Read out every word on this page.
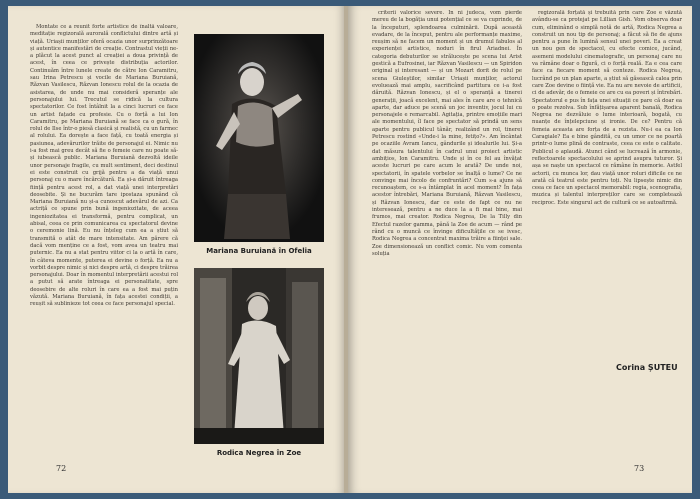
Montate ce a reunit forte artistice de înaltă valoare, meditație regizorală aurorală conflictului dintre artă și viață. Uriașii munților oferă ocazia unor surprinzătoare și autentice manifestări de creație. Contrastul vieții ne-a plăcut la acest punct al creației a doua privință de acest, în ceea ce privește distribuția actorilor. Continuăm între lunele create de către Ion Caramitru, sau Irina Petrescu și vocile de Mariana Buruiană, Răzvan Vasilescu, Răzvan Ionescu rolul de la ocazia de asistarea, de unde nu mai consideră speranțe ale personajului lui. Trecutul se ridică la cultura spectatorilor. Ce fost întâlnit la a cinci lucruri ce face un artist fațade cu profesie. Cu o forță a lui Ion Caramitru, pe Mariana Buruiană se face ca o gură, în rolul de Ilse într-o piesă clasică și realistă, cu un farmec al rolului. Ea dorește a face față, cu toată energia și pasiunea, adevărurilor trăite de personajul ei. Nimic nu i-a fost mai greu decât să fie o femeie care nu poate să-și iubească public. Mariana Buruiană dezvoltă ideile unor personaje fragile, cu mult sentiment, deci destinul ei este construit cu grijă pentru a da viață unui personaj cu o mare încărcătură. Ea și-a dăruit întreaga ființă pentru acest rol, a dat viață unei interpretări deosebite. Și ne bucurăm tare ipostaza spunând că Mariana Buruiană nu și-a cunoscut adevărul de azi. Ca actriță ce spune prin bună ingeniozitate, de aceea ingeniozitatea ei transformă, pentru complicat, un abisal, ceea ce prin comunicarea cu spectatorul devine o ceremonie lină. Eu nu înțeleg cum ea a știut să transmită o atât de mare intensitate. Am părere că dacă vom menține ce a fost, vom avea un teatru mai puternic. Ea nu a stat pentru viitor ci la o artă în care, în câteva momente, puterea ei devine o forță. Ea nu a vorbit despre nimic și nici despre artă, ci despre trăirea personajului. Doar în momentul interpretării acestui rol a putut să arate întreaga ei personalitate, spre deosebire de alte roluri în care ea a fost mai puțin văzută. Mariana Buruiană, în fața acestei condiții, a reușit să sublinieze tot ceea ce face personajul special.

Mariana Buruiană în Ofelia
Rodica Negrea în Zoe
72

criterii valorice severe. În ni judeca, vom pierde mereu de la bogăția unui potențial ce se va cuprinde, de la începuturi, splendoarea culminării. După această evadare, de la început, pentru ale performanțe maxime, reușim să ne facem un moment și un drumul fabulos al experienței artistice, noduri în firul Ariadnei. În categoria debuturilor se strălucește pe scena lui Arist gestică a Eufrosinei, iar Răzvan Vasilescu — un Spiridon original și interesant — și un Mozart dorit de rolul pe scena Giuleștilor, similar Uriașii munților, actorul evoluează mai amplu, sacrificând partitura ce i-a fost dăruită. Răzvan Ionescu, și el o speranță a tinerei generații, joacă excelent, mai ales în care are o tehnică aparte, dar aduce pe scenă un joc inventiv, jocul lui cu personajele e remarcabil. Agitația, printre emoțiile mari ale momentului, îl face pe spectator să prindă un sens aparte pentru publicul tânăr, realizând un rol, tinerei Petrescu rostind «Unde-i la mine, fetițo?». Am încântat pe ocaziile Avram Iancu, gândurile și idealurile lui. Și-a dat măsura talentului în cadrul unui proiect artistic ambițios, Ion Caramitru. Unde și în ce fel au învățat aceste lucruri pe care acum le arată? De unde noi, spectatorii, în spatele vorbelor se înalță o lume? Ce ne convinge mai încolo de confruntări? Cum s-a ajuns să recunoaștem, ce s-a întâmplat în acel moment? În fața acestor întrebări, Mariana Buruiană, Răzvan Vasilescu, și Răzvan Ionescu, dar ce este de fapt ce nu ne interesează, pentru a ne duce la a fi mai bine, mai frumos, mai creator. Rodica Negrea, De la Tilly din Efectul razelor gamma, până la Zoe de acum — rând pe rând cu o muncă ce învinge dificultățile ce se ivesc, Rodica Negrea a concentrat maxima trăire a ființei sale. Zoe dimensionează un conflict comic. Nu vom comenta soluția

regizorală forțată și trebuită prin care Zoe e văzută avându-se ca protejat pe Lillian Gish. Vom observa doar cum, eliminând o simplă notă de artă, Rodica Negrea a construit un nou tip de personaj; a făcut să fie de ajuns pentru a pune în lumină sensul unei poveri. Ea a creat un nou gen de spectacol, cu efecte comice, jucând, asemeni modelului cinematografic, un personaj care nu va rămâne doar o figură, ci o forță reală. Ea e cea care face ca fiecare moment să conteze. Rodica Negrea, lucrând pe un plan aparte, a știut să găsească calea prin care Zoe devine o ființă vie. Ea nu are nevoie de artificii, ci de adevăr, de o femeie ce are cu ea poveri și întrebări. Spectatorul e pus în fața unei situații ce pare că doar ea o poate rezolva. Sub înfățișarea aparent banală, Rodica Negrea ne dezvăluie o lume interioară, bogată, cu nuanțe de înțelepciune și ironie. De ce? Pentru că femeia aceasta are forța de a rezista. Nu-i ea ca Ion Caragiale? Ea e bine gândită, cu un umor ce ne poartă printr-o lume plină de contraste, ceea ce este o calitate. Publicul o aplaudă. Atunci când se lucrează în armonie, reflectoarele spectacolului se aprind asupra tuturor. Și așa se naște un spectacol ce rămâne în memorie. Astfel actorii, cu munca lor, dau viață unor roluri dificile ce ne arată că teatrul este pentru toți. Nu lipsește nimic din ceea ce face un spectacol memorabil: regia, scenografia, muzica și talentul interpreților care se completează reciproc. Este singurul act de cultură ce se autoafirmă.

Corina ȘUTEU
73
